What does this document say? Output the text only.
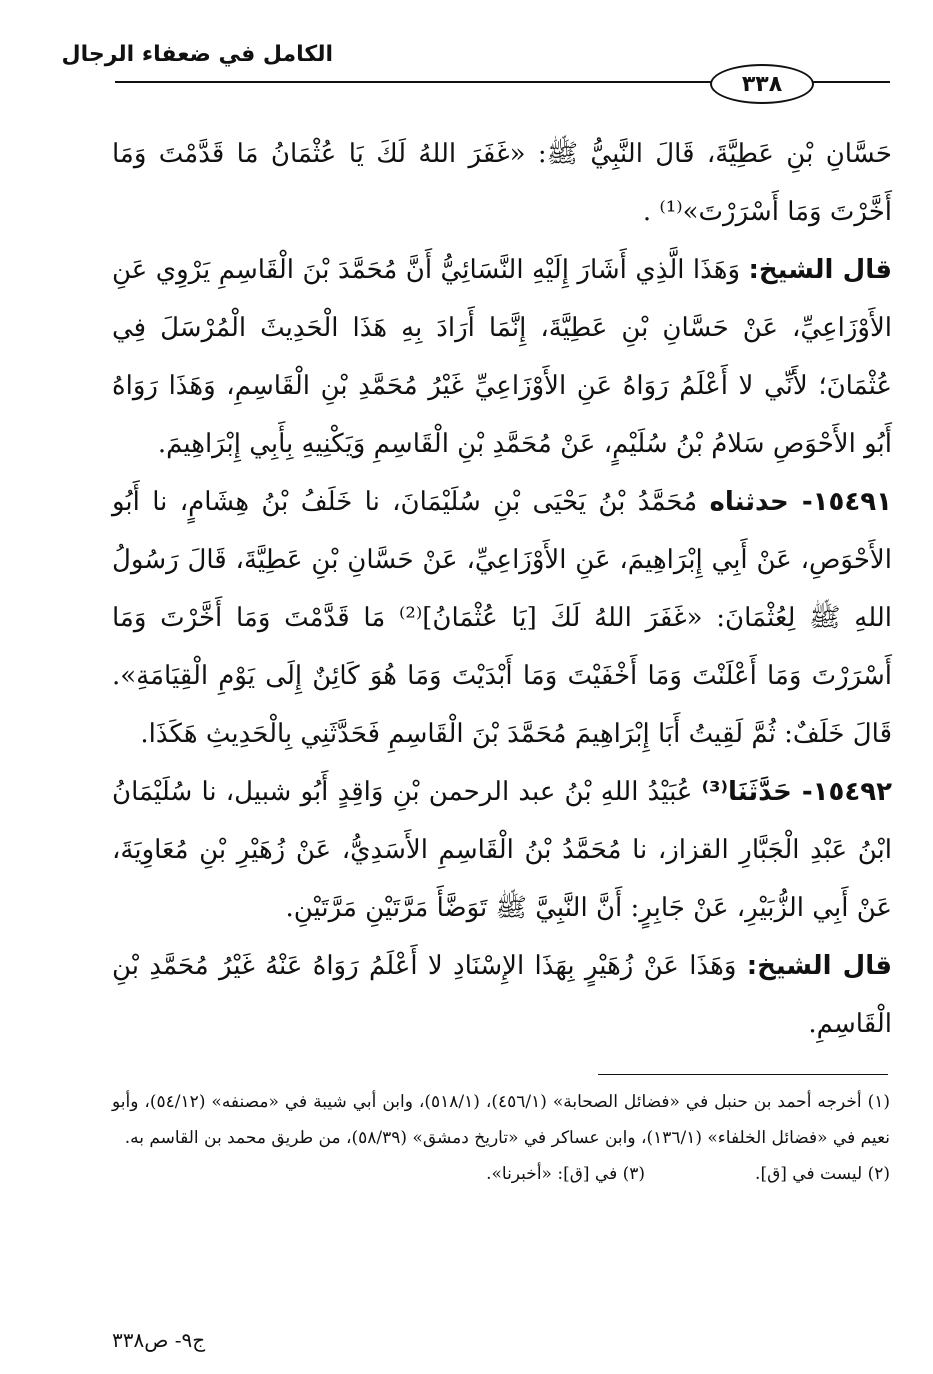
الكامل في ضعفاء الرجال
٣٣٨

حَسَّانِ بْنِ عَطِيَّةَ، قَالَ النَّبِيُّ ﷺ: «غَفَرَ اللهُ لَكَ يَا عُثْمَانُ مَا قَدَّمْتَ وَمَا أَخَّرْتَ وَمَا أَسْرَرْتَ»⁽¹⁾ .

قال الشيخ: وَهَذَا الَّذِي أَشَارَ إِلَيْهِ النَّسَائِيُّ أَنَّ مُحَمَّدَ بْنَ الْقَاسِمِ يَرْوِي عَنِ الأَوْزَاعِيِّ، عَنْ حَسَّانِ بْنِ عَطِيَّةَ، إِنَّمَا أَرَادَ بِهِ هَذَا الْحَدِيثَ الْمُرْسَلَ فِي عُثْمَانَ؛ لأَنِّي لا أَعْلَمُ رَوَاهُ عَنِ الأَوْزَاعِيِّ غَيْرُ مُحَمَّدِ بْنِ الْقَاسِمِ، وَهَذَا رَوَاهُ أَبُو الأَحْوَصِ سَلامُ بْنُ سُلَيْمٍ، عَنْ مُحَمَّدِ بْنِ الْقَاسِمِ وَيَكْنِيهِ بِأَبِي إِبْرَاهِيمَ.

١٥٤٩١- حدثناه مُحَمَّدُ بْنُ يَحْيَى بْنِ سُلَيْمَانَ، نا خَلَفُ بْنُ هِشَامٍ، نا أَبُو الأَحْوَصِ، عَنْ أَبِي إِبْرَاهِيمَ، عَنِ الأَوْزَاعِيِّ، عَنْ حَسَّانِ بْنِ عَطِيَّةَ، قَالَ رَسُولُ اللهِ ﷺ لِعُثْمَانَ: «غَفَرَ اللهُ لَكَ [يَا عُثْمَانُ]⁽²⁾ مَا قَدَّمْتَ وَمَا أَخَّرْتَ وَمَا أَسْرَرْتَ وَمَا أَعْلَنْتَ وَمَا أَخْفَيْتَ وَمَا أَبْدَيْتَ وَمَا هُوَ كَائِنٌ إِلَى يَوْمِ الْقِيَامَةِ». قَالَ خَلَفٌ: ثُمَّ لَقِيتُ أَبَا إِبْرَاهِيمَ مُحَمَّدَ بْنَ الْقَاسِمِ فَحَدَّثَنِي بِالْحَدِيثِ هَكَذَا.

١٥٤٩٢- حَدَّثَنَا⁽³⁾ عُبَيْدُ اللهِ بْنُ عبد الرحمن بْنِ وَاقِدٍ أَبُو شبيل، نا سُلَيْمَانُ ابْنُ عَبْدِ الْجَبَّارِ القزاز، نا مُحَمَّدُ بْنُ الْقَاسِمِ الأَسَدِيُّ، عَنْ زُهَيْرِ بْنِ مُعَاوِيَةَ، عَنْ أَبِي الزُّبَيْرِ، عَنْ جَابِرٍ: أَنَّ النَّبِيَّ ﷺ تَوَضَّأَ مَرَّتَيْنِ مَرَّتَيْنِ.

قال الشيخ: وَهَذَا عَنْ زُهَيْرٍ بِهَذَا الإِسْنَادِ لا أَعْلَمُ رَوَاهُ عَنْهُ غَيْرُ مُحَمَّدِ بْنِ الْقَاسِمِ.

(١) أخرجه أحمد بن حنبل في «فضائل الصحابة» (٤٥٦/١)، (٥١٨/١)، وابن أبي شيبة في «مصنفه» (٥٤/١٢)، وأبو نعيم في «فضائل الخلفاء» (١٣٦/١)، وابن عساكر في «تاريخ دمشق» (٥٨/٣٩)، من طريق محمد بن القاسم به.

(٢) ليست في [ق].
(٣) في [ق]: «أخبرنا».
ج٩- ص٣٣٨
